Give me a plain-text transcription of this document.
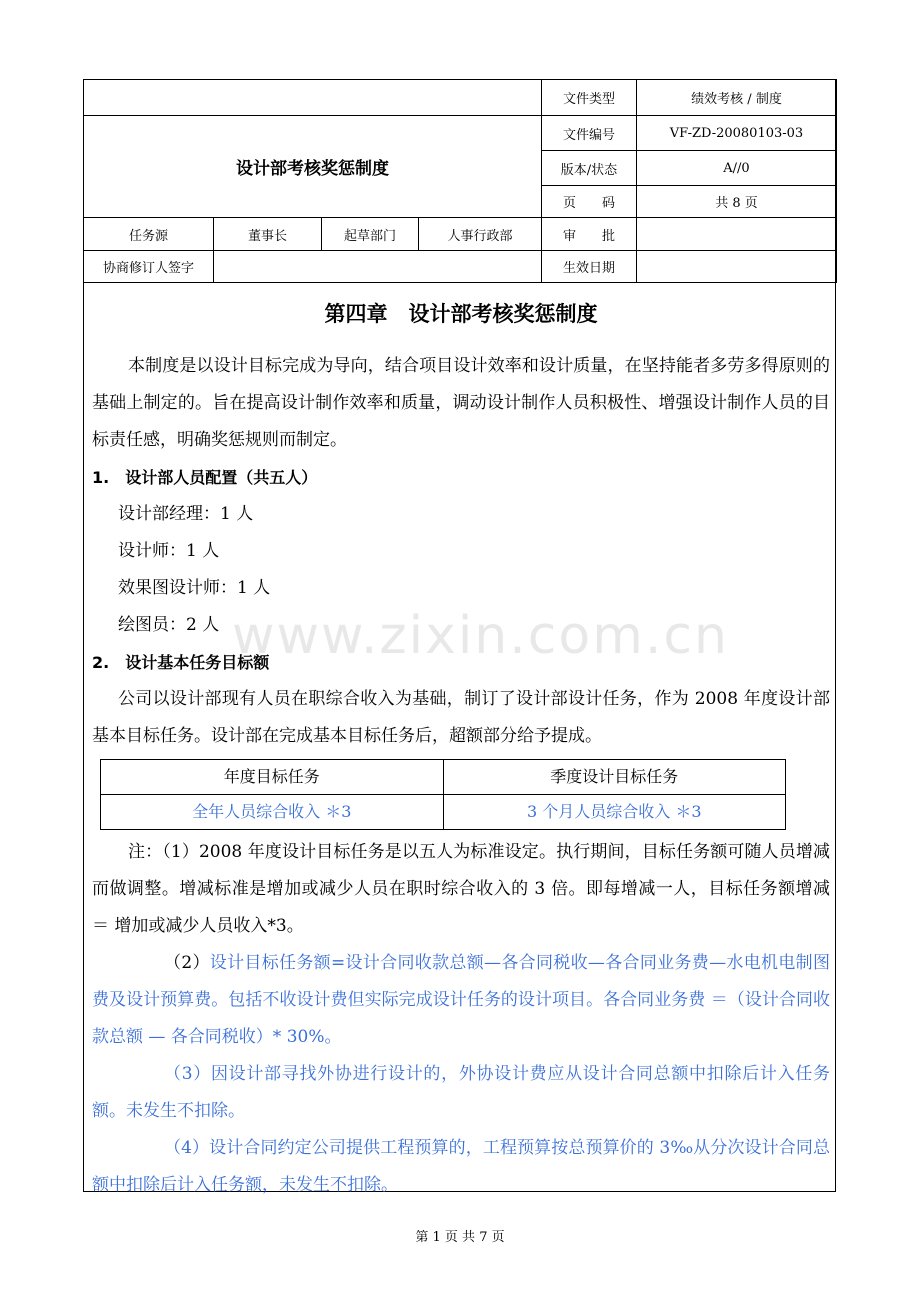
				文件类型	绩效考核 / 制度
设计部考核奖惩制度				文件编号	VF-ZD-20080103-03
				版本/状态	A//0
				页　　码	共 8 页
任务源	董事长	起草部门	人事行政部	审　　批	
协商修订人签字				生效日期	
第四章　设计部考核奖惩制度

本制度是以设计目标完成为导向，结合项目设计效率和设计质量，在坚持能者多劳多得原则的基础上制定的。旨在提高设计制作效率和质量，调动设计制作人员积极性、增强设计制作人员的目标责任感，明确奖惩规则而制定。

1.　设计部人员配置（共五人）

设计部经理：1 人

设计师：1 人

效果图设计师：1 人

绘图员：2 人

2.　设计基本任务目标额

公司以设计部现有人员在职综合收入为基础，制订了设计部设计任务，作为 2008 年度设计部基本目标任务。设计部在完成基本目标任务后，超额部分给予提成。

年度目标任务	季度设计目标任务
全年人员综合收入 ＊3	3 个月人员综合收入 ＊3

注：（1）2008 年度设计目标任务是以五人为标准设定。执行期间，目标任务额可随人员增减而做调整。增减标准是增加或减少人员在职时综合收入的 3 倍。即每增减一人，目标任务额增减 ＝ 增加或减少人员收入*3。

（2）设计目标任务额=设计合同收款总额—各合同税收—各合同业务费—水电机电制图费及设计预算费。包括不收设计费但实际完成设计任务的设计项目。各合同业务费 ＝（设计合同收款总额 — 各合同税收）* 30%。

（3）因设计部寻找外协进行设计的，外协设计费应从设计合同总额中扣除后计入任务额。未发生不扣除。

（4）设计合同约定公司提供工程预算的，工程预算按总预算价的 3‰从分次设计合同总额中扣除后计入任务额，未发生不扣除。

www.zixin.com.cn
第 1 页 共 7 页
